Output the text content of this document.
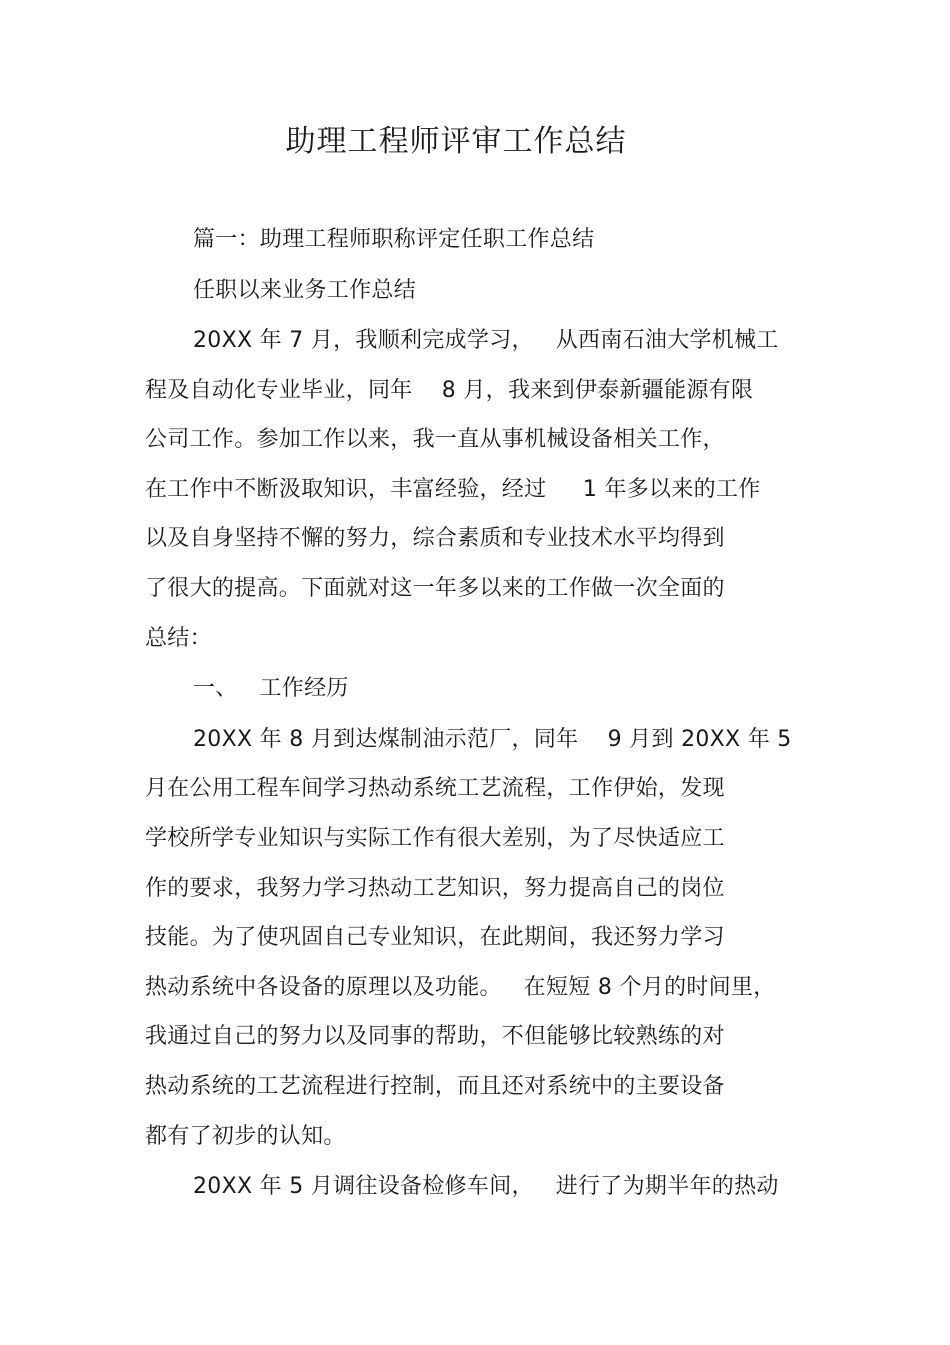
助理工程师评审工作总结
篇一：助理工程师职称评定任职工作总结
任职以来业务工作总结
20XX 年 7 月，我顺利完成学习，   从西南石油大学机械工
程及自动化专业毕业，同年    8 月，我来到伊泰新疆能源有限
公司工作。参加工作以来，我一直从事机械设备相关工作，
在工作中不断汲取知识，丰富经验，经过     1 年多以来的工作
以及自身坚持不懈的努力，综合素质和专业技术水平均得到
了很大的提高。下面就对这一年多以来的工作做一次全面的
总结：
一、   工作经历
20XX 年 8 月到达煤制油示范厂，同年    9 月到 20XX 年 5
月在公用工程车间学习热动系统工艺流程，工作伊始，发现
学校所学专业知识与实际工作有很大差别，为了尽快适应工
作的要求，我努力学习热动工艺知识，努力提高自己的岗位
技能。为了使巩固自己专业知识，在此期间，我还努力学习
热动系统中各设备的原理以及功能。   在短短 8 个月的时间里，
我通过自己的努力以及同事的帮助，不但能够比较熟练的对
热动系统的工艺流程进行控制，而且还对系统中的主要设备
都有了初步的认知。
20XX 年 5 月调往设备检修车间，   进行了为期半年的热动
